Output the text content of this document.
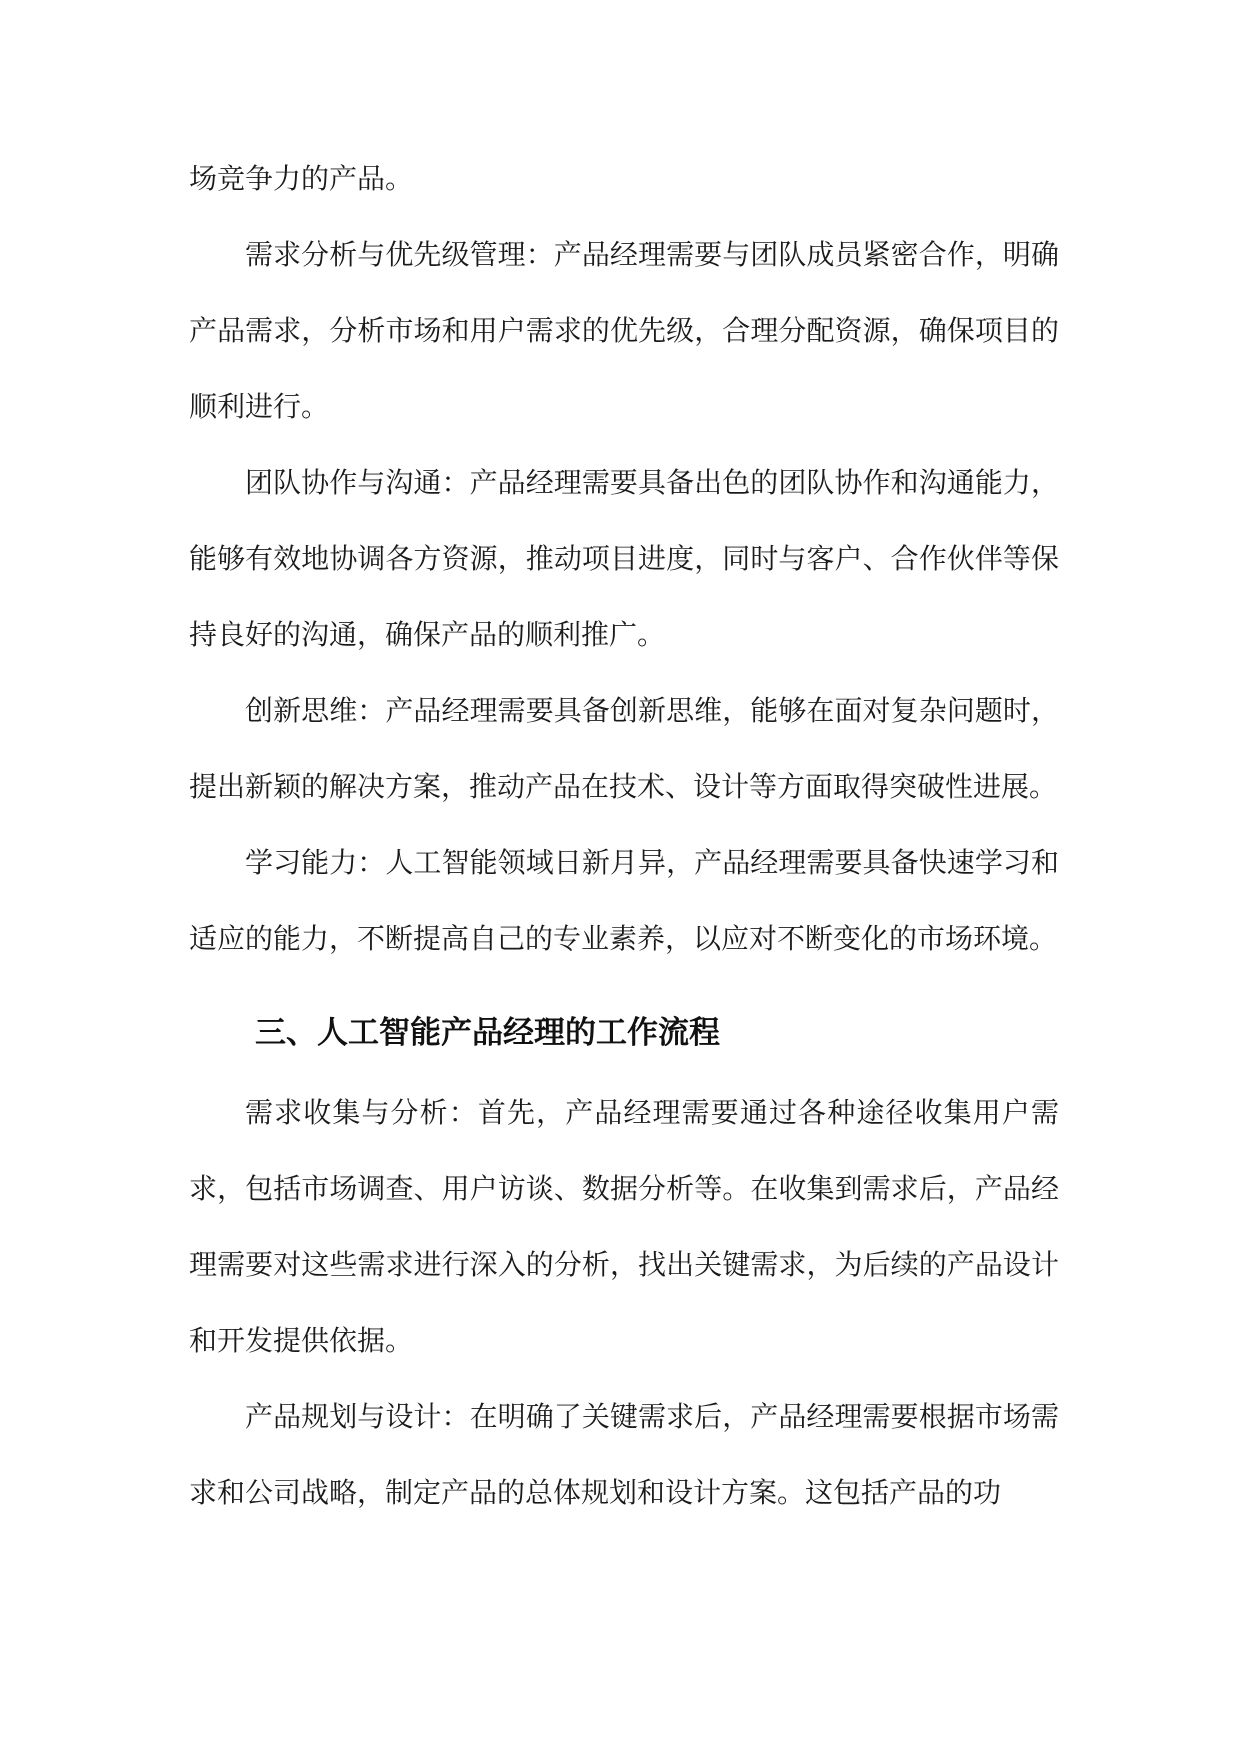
场竞争力的产品。

需求分析与优先级管理：产品经理需要与团队成员紧密合作，明确产品需求，分析市场和用户需求的优先级，合理分配资源，确保项目的顺利进行。

团队协作与沟通：产品经理需要具备出色的团队协作和沟通能力，能够有效地协调各方资源，推动项目进度，同时与客户、合作伙伴等保持良好的沟通，确保产品的顺利推广。

创新思维：产品经理需要具备创新思维，能够在面对复杂问题时，提出新颖的解决方案，推动产品在技术、设计等方面取得突破性进展。

学习能力：人工智能领域日新月异，产品经理需要具备快速学习和适应的能力，不断提高自己的专业素养，以应对不断变化的市场环境。

三、人工智能产品经理的工作流程

需求收集与分析：首先，产品经理需要通过各种途径收集用户需求，包括市场调查、用户访谈、数据分析等。在收集到需求后，产品经理需要对这些需求进行深入的分析，找出关键需求，为后续的产品设计和开发提供依据。

产品规划与设计：在明确了关键需求后，产品经理需要根据市场需求和公司战略，制定产品的总体规划和设计方案。这包括产品的功
